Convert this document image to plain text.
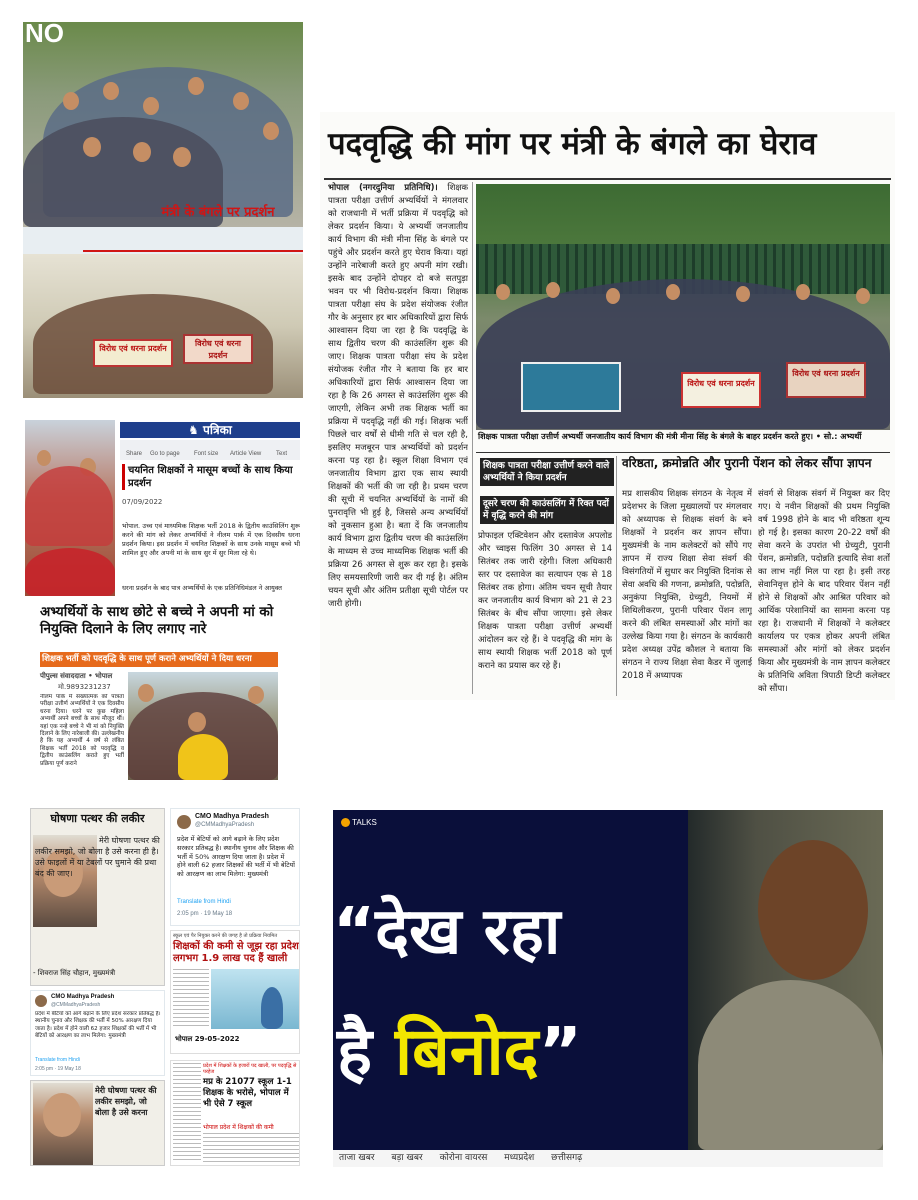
NO
मंत्री के बंगले पर प्रदर्शन
विरोध एवं धरना प्रदर्शन
विरोध एवं धरना प्रदर्शन
पदवृद्धि की मांग पर मंत्री के बंगले का घेराव
भोपाल (नगरदुनिया प्रतिनिधि)। शिक्षक पात्रता परीक्षा उत्तीर्ण अभ्यर्थियों ने मंगलवार को राजधानी में भर्ती प्रक्रिया में पदवृद्धि को लेकर प्रदर्शन किया। ये अभ्यर्थी जनजातीय कार्य विभाग की मंत्री मीना सिंह के बंगले पर पहुंचे और प्रदर्शन करते हुए घेराव किया। यहां उन्होंने नारेबाजी करते हुए अपनी मांग रखी। इसके बाद उन्होंने दोपहर दो बजे सतपुड़ा भवन पर भी विरोध-प्रदर्शन किया। शिक्षक पात्रता परीक्षा संघ के प्रदेश संयोजक रंजीत गौर के अनुसार हर बार अधिकारियों द्वारा सिर्फ आश्वासन दिया जा रहा है कि पदवृद्धि के साथ द्वितीय चरण की काउंसलिंग शुरू की जाए। शिक्षक पात्रता परीक्षा संघ के प्रदेश संयोजक रंजीत गौर ने बताया कि हर बार अधिकारियों द्वारा सिर्फ आश्वासन दिया जा रहा है कि 26 अगस्त से काउंसलिंग शुरू की जाएगी, लेकिन अभी तक शिक्षक भर्ती का प्रक्रिया में पदवृद्धि नहीं की गई। शिक्षक भर्ती पिछले चार वर्षों से धीमी गति से चल रही है, इसलिए मजबूरन पात्र अभ्यर्थियों को प्रदर्शन करना पड़ रहा है। स्कूल शिक्षा विभाग एवं जनजातीय विभाग द्वारा एक साथ स्थायी शिक्षकों की भर्ती की जा रही है। प्रथम चरण की सूची में चयनित अभ्यर्थियों के नामों की पुनरावृत्ति भी हुई है, जिससे अन्य अभ्यर्थियों को नुकसान हुआ है। बता दें कि जनजातीय कार्य विभाग द्वारा द्वितीय चरण की काउंसलिंग के माध्यम से उच्च माध्यमिक शिक्षक भर्ती की प्रक्रिया 26 अगस्त से शुरू कर रहा है। इसके लिए समयसारिणी जारी कर दी गई है। अंतिम चयन सूची और अंतिम प्रतीक्षा सूची पोर्टल पर जारी होगी।
विरोध एवं धरना प्रदर्शन
विरोध एवं धरना प्रदर्शन
शिक्षक पात्रता परीक्षा उत्तीर्ण अभ्यर्थी जनजातीय कार्य विभाग की मंत्री मीना सिंह के बंगले के बाहर प्रदर्शन करते हुए। • सो.: अभ्यर्थी
शिक्षक पात्रता परीक्षा उत्तीर्ण करने वाले अभ्यर्थियों ने किया प्रदर्शन
दूसरे चरण की काउंसलिंग में रिक्त पदों में वृद्धि करने की मांग
प्रोफाइल एक्टिवेशन और दस्तावेज अपलोड और च्वाइस फिलिंग 30 अगस्त से 14 सितंबर तक जारी रहेगी। जिला अधिकारी स्तर पर दस्तावेज का सत्यापन एक से 18 सितंबर तक होगा। अंतिम चयन सूची तैयार कर जनजातीय कार्य विभाग को 21 से 23 सितंबर के बीच सौंपा जाएगा। इसे लेकर शिक्षक पात्रता परीक्षा उत्तीर्ण अभ्यर्थी आंदोलन कर रहे हैं। वे पदवृद्धि की मांग के साथ स्थायी शिक्षक भर्ती 2018 को पूर्ण कराने का प्रयास कर रहे हैं।
वरिष्ठता, क्रमोन्नति और पुरानी पेंशन को लेकर सौंपा ज्ञापन
मप्र शासकीय शिक्षक संगठन के नेतृत्व में प्रदेशभर के जिला मुख्यालयों पर मंगलवार को अध्यापक से शिक्षक संवर्ग के बने शिक्षकों ने प्रदर्शन कर ज्ञापन सौंपा। मुख्यमंत्री के नाम कलेक्टरों को सौंपे गए ज्ञापन में राज्य शिक्षा सेवा संवर्ग की विसंगतियों में सुधार कर नियुक्ति दिनांक से सेवा अवधि की गणना, क्रमोन्नति, पदोन्नति, अनुकंपा नियुक्ति, ग्रेच्युटी, नियमों में शिथिलीकरण, पुरानी परिवार पेंशन लागू करने की लंबित समस्याओं और मांगों का उल्लेख किया गया है। संगठन के कार्यकारी प्रदेश अध्यक्ष उपेंद्र कौशल ने बताया कि संगठन ने राज्य शिक्षा सेवा कैडर में जुलाई 2018 में अध्यापक
संवर्ग से शिक्षक संवर्ग में नियुक्त कर दिए गए। ये नवीन शिक्षकों की प्रथम नियुक्ति वर्ष 1998 होने के बाद भी वरिष्ठता शून्य हो गई है। इसका कारण 20-22 वर्षों की सेवा करने के उपरांत भी ग्रेच्युटी, पुरानी पेंशन, क्रमोन्नति, पदोन्नति इत्यादि सेवा शर्तों का लाभ नहीं मिल पा रहा है। इसी तरह सेवानिवृत्त होने के बाद परिवार पेंशन नहीं होने से शिक्षकों और आश्रित परिवार को आर्थिक परेशानियों का सामना करना पड़ रहा है। राजधानी में शिक्षकों ने कलेक्टर कार्यालय पर एकत्र होकर अपनी लंबित समस्याओं और मांगों को लेकर प्रदर्शन किया और मुख्यमंत्री के नाम ज्ञापन कलेक्टर के प्रतिनिधि अविता त्रिपाठी डिप्टी कलेक्टर को सौंपा।
♞ पत्रिका
Share Go to page Font size Article View Text
चयनित शिक्षकों ने मासूम बच्चों के साथ किया प्रदर्शन
07/09/2022
भोपाल. उच्च एवं माध्यमिक शिक्षक भर्ती 2018 के द्वितीय काउंसिलिंग शुरू करने की मांग को लेकर अभ्यर्थियों ने नीलम पार्क में एक दिवसीय धरना प्रदर्शन किया। इस प्रदर्शन में चयनित शिक्षकों के साथ उनके मासूम बच्चे भी शामिल हुए और अपनी मां के साथ सुर में सुर मिला रहे थे।
धरना प्रदर्शन के बाद पात्र अभ्यर्थियों के एक प्रतिनिधिमंडल ने आयुक्त
अभ्यर्थियों के साथ छोटे से बच्चे ने अपनी मां को नियुक्ति दिलाने के लिए लगाए नारे
शिक्षक भर्ती को पदवृद्धि के साथ पूर्ण कराने अभ्यर्थियों ने दिया धरना
पीपुल्स संवाददाता • भोपाल
मो.9893231237
नीलम पार्क में संख्यात्मक को पात्रता परीक्षा उत्तीर्ण अभ्यर्थियों ने एक दिवसीय धरना दिया। धरने पर कुछ महिला अभ्यर्थी अपने बच्चों के साथ मौजूद थीं। यहां एक नन्हे बच्चे ने भी मां को नियुक्ति दिलाने के लिए नारेबाजी की। उल्लेखनीय है कि यह अभ्यर्थी 4 वर्ष से लंबित शिक्षक भर्ती 2018 को पदवृद्धि व द्वितीय काउंसलिंग कराते हुए भर्ती प्रक्रिया पूर्ण कराने
घोषणा पत्थर की लकीर
मेरी घोषणा पत्थर की लकीर समझो, जो बोला है उसे करना ही है। उसे फाइलों में या टेबलों पर घुमाने की प्रथा बंद की जाए।
- शिवराज सिंह चौहान, मुख्यमंत्री
CMO Madhya Pradesh
@CMMadhyaPradesh
प्रदेश में बेटियों को आगे बढ़ाने के लिए प्रदेश सरकार प्रतिबद्ध है। स्थानीय चुनाव और शिक्षक की भर्ती में 50% आरक्षण दिया जाता है। प्रदेश में होने वाली 62 हजार शिक्षकों की भर्ती में भी बेटियों को आरक्षण का लाभ मिलेगा: मुख्यमंत्री
Translate from Hindi
2:05 pm · 19 May 18
स्कूल एवं पैर नियुक्त करने की जगह है तो प्रक्रिया नियमित
शिक्षकों की कमी से जूझ रहा प्रदेश लगभग 1.9 लाख पद हैं खाली
भोपाल 29-05-2022
CMO Madhya Pradesh
@CMMadhyaPradesh
प्रदेश में बेटियों को आगे बढ़ाने के लिए प्रदेश सरकार प्रतिबद्ध है। स्थानीय चुनाव और शिक्षक की भर्ती में 50% आरक्षण दिया जाता है। प्रदेश में होने वाली 62 हजार शिक्षकों की भर्ती में भी बेटियों को आरक्षण का लाभ मिलेगा: मुख्यमंत्री
Translate from Hindi
2:05 pm · 19 May 18
मेरी घोषणा पत्थर की लकीर समझो, जो बोला है उसे करना
प्रदेश में शिक्षकों के हजारों पद खाली, पर पदवृद्धि से परहेज
मप्र के 21077 स्कूल 1-1 शिक्षक के भरोसे, भोपाल में भी ऐसे 7 स्कूल
भोपाल प्रदेश में शिक्षकों की कमी
TALKS
“देख रहा
है बिनोद”
ताजा खबर बड़ा खबर कोरोना वायरस मध्यप्रदेश छत्तीसगढ़
